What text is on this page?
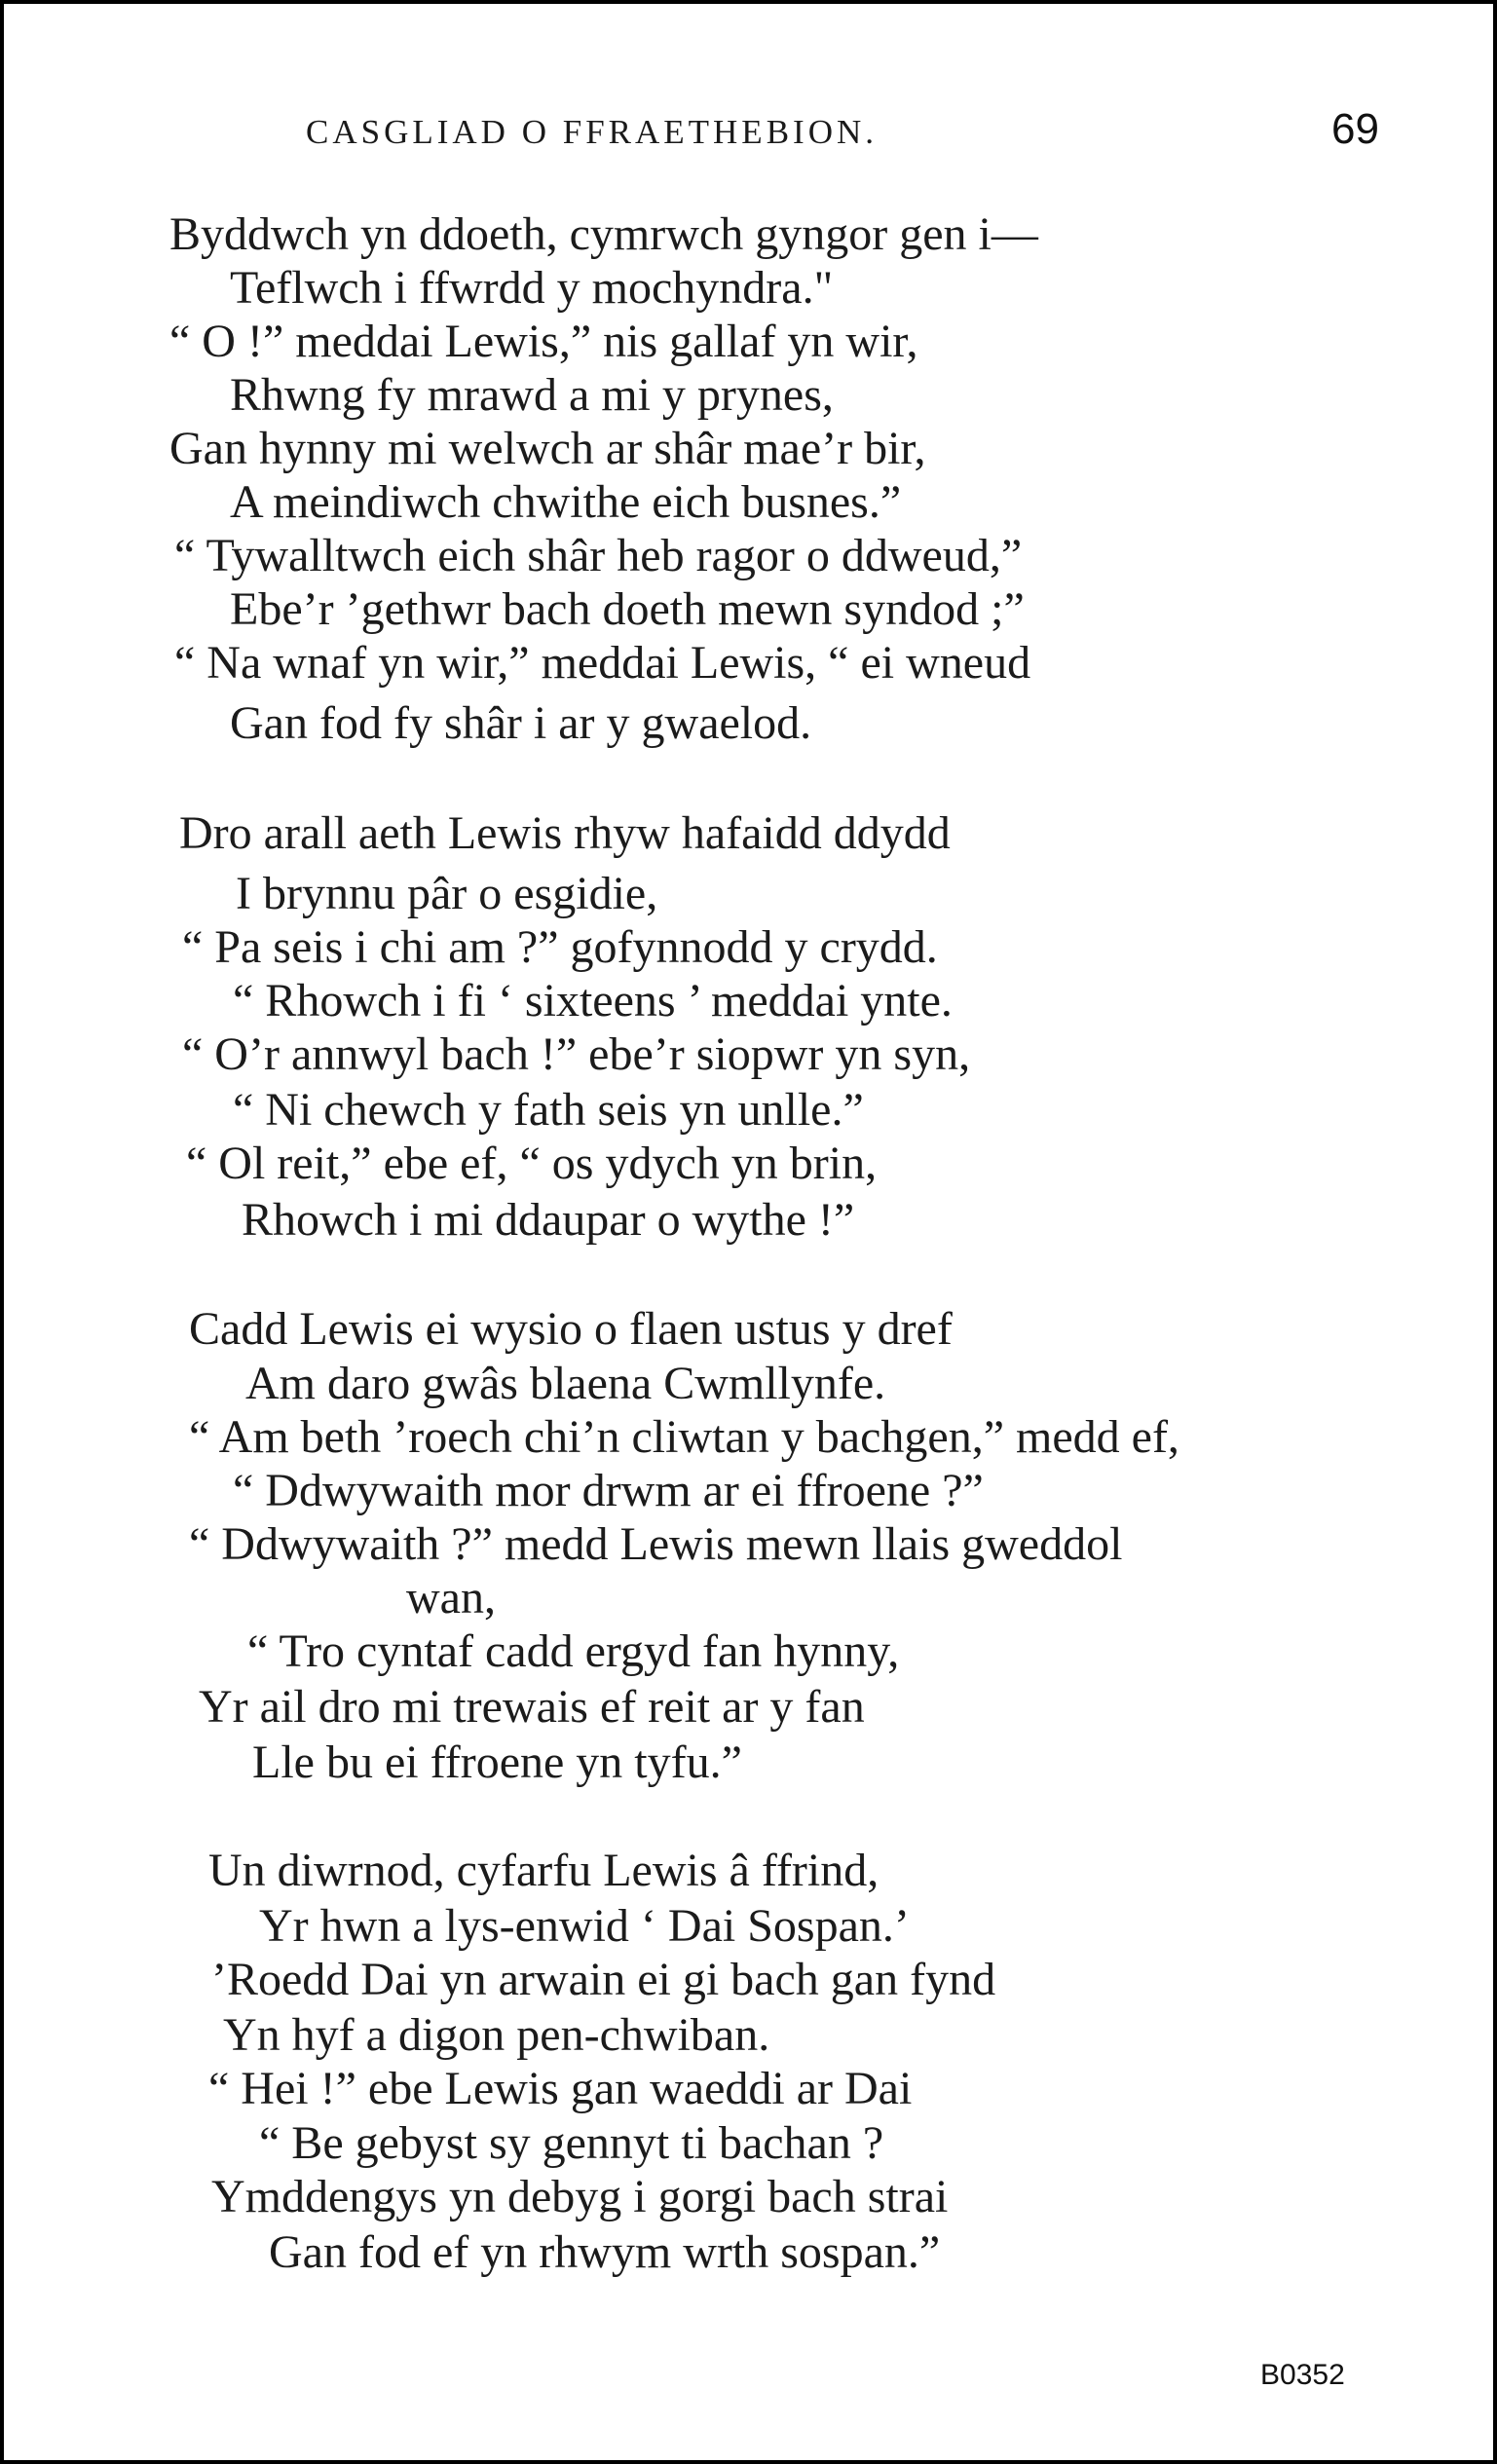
CASGLIAD O FFRAETHEBION.	69
Byddwch yn ddoeth, cymrwch gyngor gen i—
Teflwch i ffwrdd y mochyndra."
“ O !” meddai Lewis,” nis gallaf yn wir,
Rhwng fy mrawd a mi y prynes,
Gan hynny mi welwch ar shâr mae’r bir,
A meindiwch chwithe eich busnes.”
“ Tywalltwch eich shâr heb ragor o ddweud,”
Ebe’r ’gethwr bach doeth mewn syndod ;”
“ Na wnaf yn wir,” meddai Lewis, “ ei wneud
Gan fod fy shâr i ar y gwaelod.
Dro arall aeth Lewis rhyw hafaidd ddydd
I brynnu pâr o esgidie,
“ Pa seis i chi am ?” gofynnodd y crydd.
“ Rhowch i fi ‘ sixteens ’ meddai ynte.
“ O’r annwyl bach !” ebe’r siopwr yn syn,
“ Ni chewch y fath seis yn unlle.”
“ Ol reit,” ebe ef, “ os ydych yn brin,
Rhowch i mi ddaupar o wythe !”
Cadd Lewis ei wysio o flaen ustus y dref
Am daro gwâs blaena Cwmllynfe.
“ Am beth ’roech chi’n cliwtan y bachgen,” medd ef,
“ Ddwywaith mor drwm ar ei ffroene ?”
“ Ddwywaith ?” medd Lewis mewn llais gweddol
wan,
“ Tro cyntaf cadd ergyd fan hynny,
Yr ail dro mi trewais ef reit ar y fan
Lle bu ei ffroene yn tyfu.”
Un diwrnod, cyfarfu Lewis â ffrind,
Yr hwn a lys-enwid ‘ Dai Sospan.’
’Roedd Dai yn arwain ei gi bach gan fynd
Yn hyf a digon pen-chwiban.
“ Hei !” ebe Lewis gan waeddi ar Dai
“ Be gebyst sy gennyt ti bachan ?
Ymddengys yn debyg i gorgi bach strai
Gan fod ef yn rhwym wrth sospan.”
B0352
